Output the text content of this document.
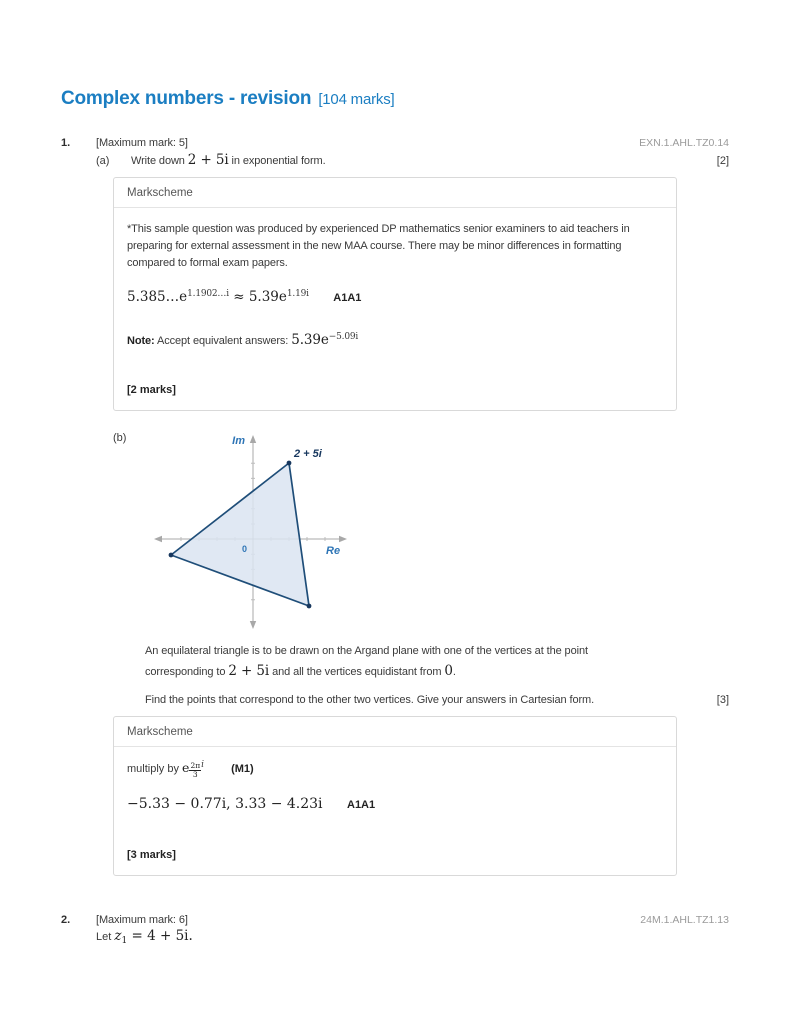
Complex numbers - revision [104 marks]
1.	[Maximum mark: 5]	EXN.1.AHL.TZ0.14
(a)	Write down 2 + 5i in exponential form.	[2]
Markscheme

*This sample question was produced by experienced DP mathematics senior examiners to aid teachers in preparing for external assessment in the new MAA course. There may be minor differences in formatting compared to formal exam papers.

$5.385\dots e^{1.1902\dots i} \approx 5.39e^{1.19i}$ A1A1
Note: Accept equivalent answers: $5.39e^{-5.09i}$
[2 marks]
(b)	Im
Re
0
2 + 5i

An equilateral triangle is to be drawn on the Argand plane with one of the vertices at the point corresponding to 2 + 5i and all the vertices equidistant from 0.

Find the points that correspond to the other two vertices. Give your answers in Cartesian form.	[3]
Markscheme
multiply by e $\frac{2\pi}{3} ^i$ (M1)
−5.33 − 0.77i, 3.33 − 4.23i A1A1
[3 marks]
2.	[Maximum mark: 6]	24M.1.AHL.TZ1.13
Let $z_1 = 4 + 5i$.
